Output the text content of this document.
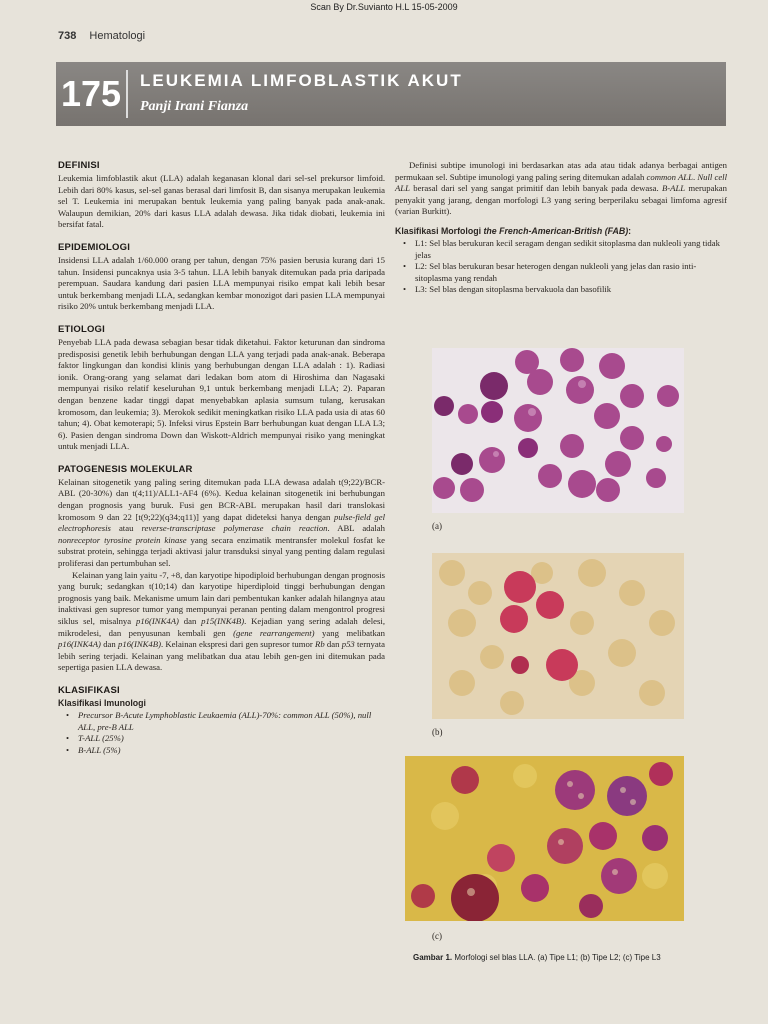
Scan By Dr.Suvianto H.L 15-05-2009
738 Hematologi
175 LEUKEMIA LIMFOBLASTIK AKUT
Panji Irani Fianza
DEFINISI

Leukemia limfoblastik akut (LLA) adalah keganasan klonal dari sel-sel prekursor limfoid. Lebih dari 80% kasus, sel-sel ganas berasal dari limfosit B, dan sisanya merupakan leukemia sel T. Leukemia ini merupakan bentuk leukemia yang paling banyak pada anak-anak. Walaupun demikian, 20% dari kasus LLA adalah dewasa. Jika tidak diobati, leukemia ini bersifat fatal.

EPIDEMIOLOGI

Insidensi LLA adalah 1/60.000 orang per tahun, dengan 75% pasien berusia kurang dari 15 tahun. Insidensi puncaknya usia 3-5 tahun. LLA lebih banyak ditemukan pada pria daripada perempuan. Saudara kandung dari pasien LLA mempunyai risiko empat kali lebih besar untuk berkembang menjadi LLA, sedangkan kembar monozigot dari pasien LLA mempunyai risiko 20% untuk berkembang menjadi LLA.

ETIOLOGI

Penyebab LLA pada dewasa sebagian besar tidak diketahui. Faktor keturunan dan sindroma predisposisi genetik lebih berhubungan dengan LLA yang terjadi pada anak-anak. Beberapa faktor lingkungan dan kondisi klinis yang berhubungan dengan LLA adalah : 1). Radiasi ionik. Orang-orang yang selamat dari ledakan bom atom di Hiroshima dan Nagasaki mempunyai risiko relatif keseluruhan 9,1 untuk berkembang menjadi LLA; 2). Paparan dengan benzene kadar tinggi dapat menyebabkan aplasia sumsum tulang, kerusakan kromosom, dan leukemia; 3). Merokok sedikit meningkatkan risiko LLA pada usia di atas 60 tahun; 4). Obat kemoterapi; 5). Infeksi virus Epstein Barr berhubungan kuat dengan LLA L3; 6). Pasien dengan sindroma Down dan Wiskott-Aldrich mempunyai risiko yang meningkat untuk menjadi LLA.

PATOGENESIS MOLEKULAR

Kelainan sitogenetik yang paling sering ditemukan pada LLA dewasa adalah t(9;22)/BCR-ABL (20-30%) dan t(4;11)/ALL1-AF4 (6%). Kedua kelainan sitogenetik ini berhubungan dengan prognosis yang buruk. Fusi gen BCR-ABL merupakan hasil dari translokasi kromosom 9 dan 22 [t(9;22)(q34;q11)] yang dapat dideteksi hanya dengan pulse-field gel electrophoresis atau reverse-transcriptase polymerase chain reaction. ABL adalah nonreceptor tyrosine protein kinase yang secara enzimatik mentransfer molekul fosfat ke substrat protein, sehingga terjadi aktivasi jalur transduksi sinyal yang penting dalam regulasi proliferasi dan pertumbuhan sel.

Kelainan yang lain yaitu -7, +8, dan karyotipe hipodiploid berhubungan dengan prognosis yang buruk; sedangkan t(10;14) dan karyotipe hiperdiploid tinggi berhubungan dengan prognosis yang baik. Mekanisme umum lain dari pembentukan kanker adalah hilangnya atau inaktivasi gen supresor tumor yang mempunyai peranan penting dalam mengontrol progresi siklus sel, misalnya p16(INK4A) dan p15(INK4B). Kejadian yang sering adalah delesi, mikrodelesi, dan penyusunan kembali gen (gene rearrangement) yang melibatkan p16(INK4A) dan p16(INK4B). Kelainan ekspresi dari gen supresor tumor Rb dan p53 ternyata lebih sering terjadi. Kelainan yang melibatkan dua atau lebih gen-gen ini ditemukan pada sepertiga pasien LLA dewasa.

KLASIFIKASI
Klasifikasi Imunologi
• Precursor B-Acute Lymphoblastic Leukaemia (ALL)-70%: common ALL (50%), null ALL, pre-B ALL
• T-ALL (25%)
• B-ALL (5%)

Definisi subtipe imunologi ini berdasarkan atas ada atau tidak adanya berbagai antigen permukaan sel. Subtipe imunologi yang paling sering ditemukan adalah common ALL. Null cell ALL berasal dari sel yang sangat primitif dan lebih banyak pada dewasa. B-ALL merupakan penyakit yang jarang, dengan morfologi L3 yang sering berperilaku sebagai limfoma agresif (varian Burkitt).

Klasifikasi Morfologi the French-American-British (FAB):
• L1: Sel blas berukuran kecil seragam dengan sedikit sitoplasma dan nukleoli yang tidak jelas
• L2: Sel blas berukuran besar heterogen dengan nukleoli yang jelas dan rasio inti-sitoplasma yang rendah
• L3: Sel blas dengan sitoplasma bervakuola dan basofilik
(a)
(b)
(c)
Gambar 1. Morfologi sel blas LLA. (a) Tipe L1; (b) Tipe L2; (c) Tipe L3
